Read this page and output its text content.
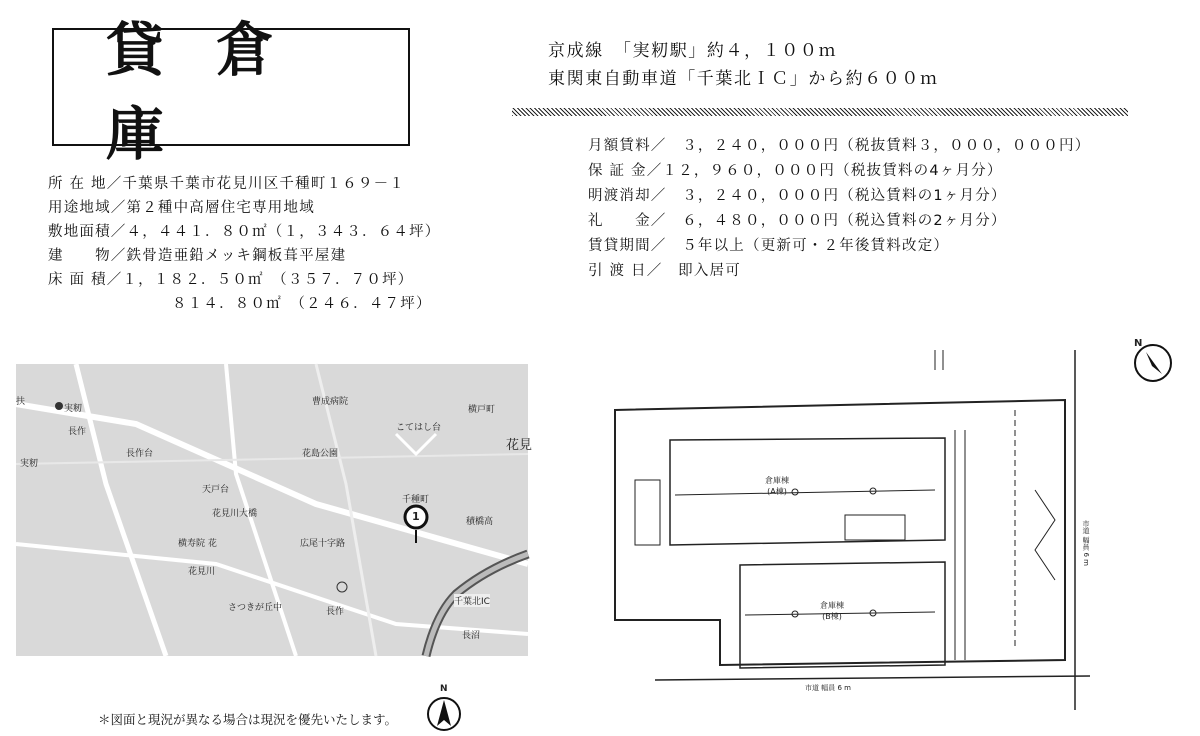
貸倉庫
所 在 地／千葉県千葉市花見川区千種町１６９－１
用途地域／第２種中高層住宅専用地域
敷地面積／４，４４１．８０㎡（１，３４３．６４坪）
建　　物／鉄骨造亜鉛メッキ鋼板葺平屋建
床 面 積／１，１８２．５０㎡　（３５７．７０坪）
８１４．８０㎡　（２４６．４７坪）
京成線　「実籾駅」約４，１００ｍ
東関東自動車道「千葉北ＩＣ」から約６００ｍ
月額賃料／　３，２４０，０００円（税抜賃料３，０００，０００円）
保 証 金／１２，９６０，０００円（税抜賃料の4ヶ月分）
明渡消却／　３，２４０，０００円（税込賃料の1ヶ月分）
礼　　金／　６，４８０，０００円（税込賃料の2ヶ月分）
賃貸期間／　５年以上（更新可・２年後賃料改定）
引 渡 日／　即入居可
扶
実籾
長作
実籾
長作台
天戸台
花見川大橋
横寿院 花	広尾十字路
花見川
さつきが丘中
曹成病院
花島公園
こてはし台
花見
千種町
積橋高
横戸町
千葉北IC
長沼
長作
1
倉庫棟
(A棟)
倉庫棟
(B棟)
市道 幅員 6 m
市道 幅員 6 m
N
N
＊図面と現況が異なる場合は現況を優先いたします。
